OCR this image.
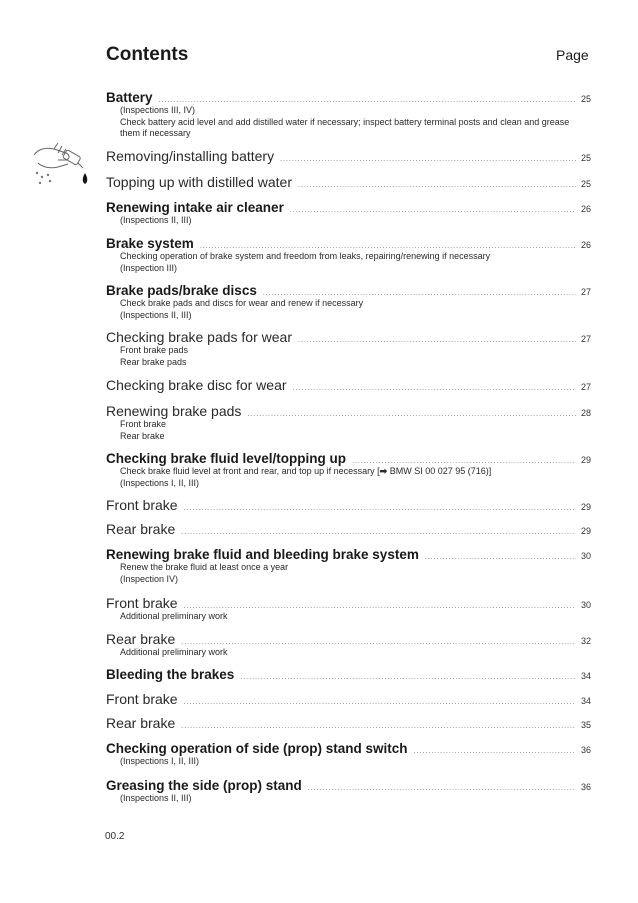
Contents	Page
Battery .....	25
(Inspections III, IV)
Check battery acid level and add distilled water if necessary; inspect battery terminal posts and clean and grease them if necessary
Removing/installing battery .....	25
Topping up with distilled water .....	25
Renewing intake air cleaner .....	26
(Inspections II, III)
Brake system .....	26
Checking operation of brake system and freedom from leaks, repairing/renewing if necessary
(Inspection III)
Brake pads/brake discs .....	27
Check brake pads and discs for wear and renew if necessary
(Inspections II, III)
Checking brake pads for wear .....	27
Front brake pads
Rear brake pads
Checking brake disc for wear .....	27
Renewing brake pads .....	28
Front brake
Rear brake
Checking brake fluid level/topping up .....	29
Check brake fluid level at front and rear, and top up if necessary [➡ BMW SI 00 027 95 (716)]
(Inspections I, II, III)
Front brake .....	29
Rear brake .....	29
Renewing brake fluid and bleeding brake system .....	30
Renew the brake fluid at least once a year
(Inspection IV)
Front brake .....	30
Additional preliminary work
Rear brake .....	32
Additional preliminary work
Bleeding the brakes .....	34
Front brake .....	34
Rear brake .....	35
Checking operation of side (prop) stand switch .....	36
(Inspections I, II, III)
Greasing the side (prop) stand .....	36
(Inspections II, III)
00.2
